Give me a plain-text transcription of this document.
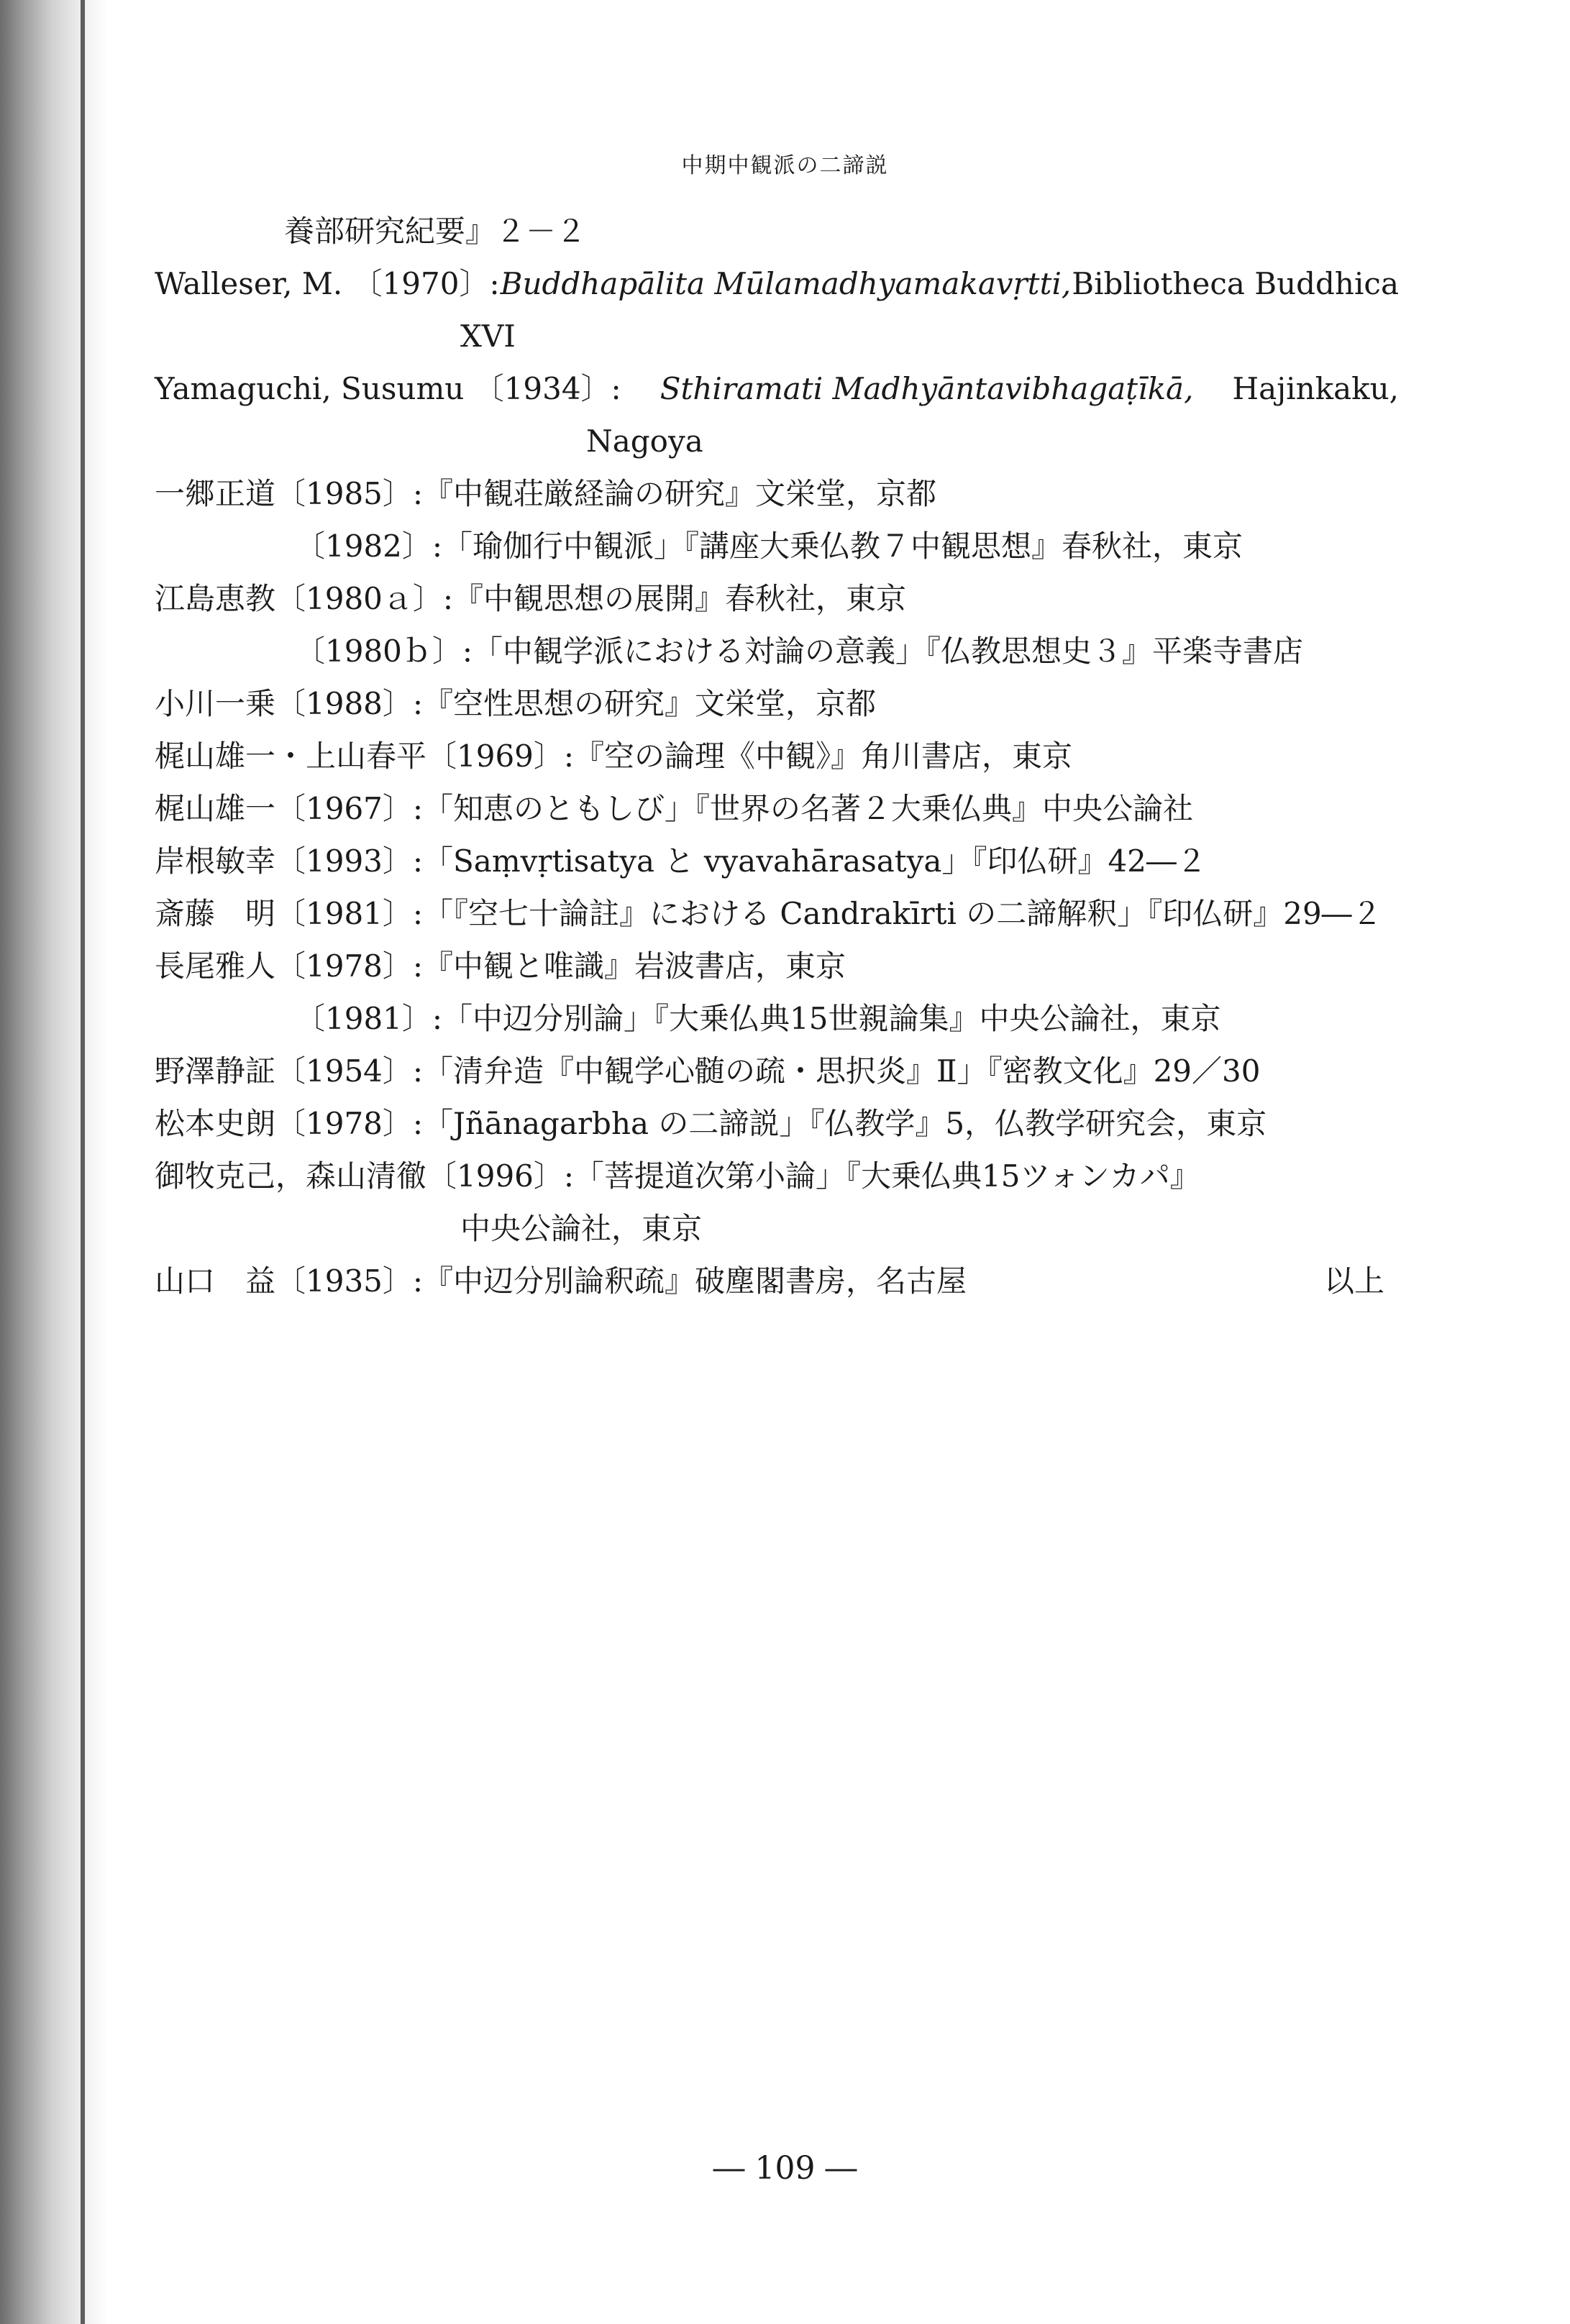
中期中観派の二諦説
養部研究紀要』２－２
Walleser, M. 〔1970〕: Buddhapālita Mūlamadhyamakavṛtti, Bibliotheca Buddhica
XVI
Yamaguchi, Susumu 〔1934〕: Sthiramati Madhyāntavibhagaṭīkā, Hajinkaku,
Nagoya
一郷正道〔1985〕:『中観荘厳経論の研究』文栄堂，京都
〔1982〕:「瑜伽行中観派」『講座大乗仏教７中観思想』春秋社，東京
江島恵教〔1980ａ〕:『中観思想の展開』春秋社，東京
〔1980ｂ〕:「中観学派における対論の意義」『仏教思想史３』平楽寺書店
小川一乗〔1988〕:『空性思想の研究』文栄堂，京都
梶山雄一・上山春平〔1969〕:『空の論理《中観》』角川書店，東京
梶山雄一〔1967〕:「知恵のともしび」『世界の名著２大乗仏典』中央公論社
岸根敏幸〔1993〕:「Saṃvṛtisatya と vyavahārasatya」『印仏研』42―２
斎藤　明〔1981〕:「『空七十論註』における Candrakīrti の二諦解釈」『印仏研』29―２
長尾雅人〔1978〕:『中観と唯識』岩波書店，東京
〔1981〕:「中辺分別論」『大乗仏典15世親論集』中央公論社，東京
野澤静証〔1954〕:「清弁造『中観学心髄の疏・思択炎』Ⅱ」『密教文化』29／30
松本史朗〔1978〕:「Jñānagarbha の二諦説」『仏教学』5，仏教学研究会，東京
御牧克己，森山清徹〔1996〕:「菩提道次第小論」『大乗仏典15ツォンカパ』
中央公論社，東京
山口　益〔1935〕:『中辺分別論釈疏』破塵閣書房，名古屋	以上
― 109 ―
